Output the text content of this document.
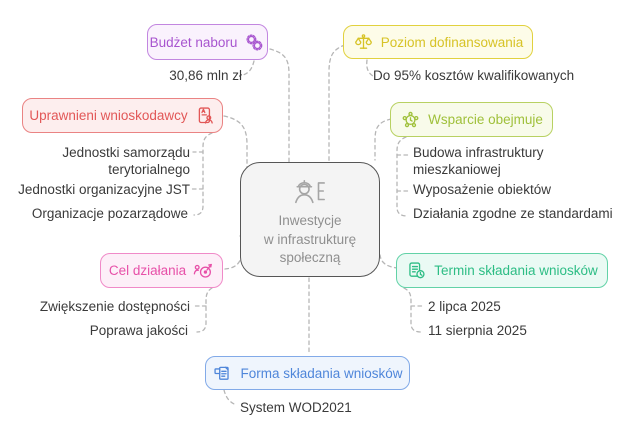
Inwestycje
w infrastrukturę
społeczną
Budżet naboru	Poziom dofinansowania
Uprawnieni wnioskodawcy	Wsparcie obejmuje
Cel działania	Termin składania wniosków
Forma składania wniosków
30,86 mln zł	Do 95% kosztów kwalifikowanych
Jednostki samorządu terytorialnego
Jednostki organizacyjne JST
Organizacje pozarządowe
Budowa infrastruktury mieszkaniowej
Wyposażenie obiektów
Działania zgodne ze standardami
Zwiększenie dostępności
Poprawa jakości
2 lipca 2025
11 sierpnia 2025
System WOD2021
